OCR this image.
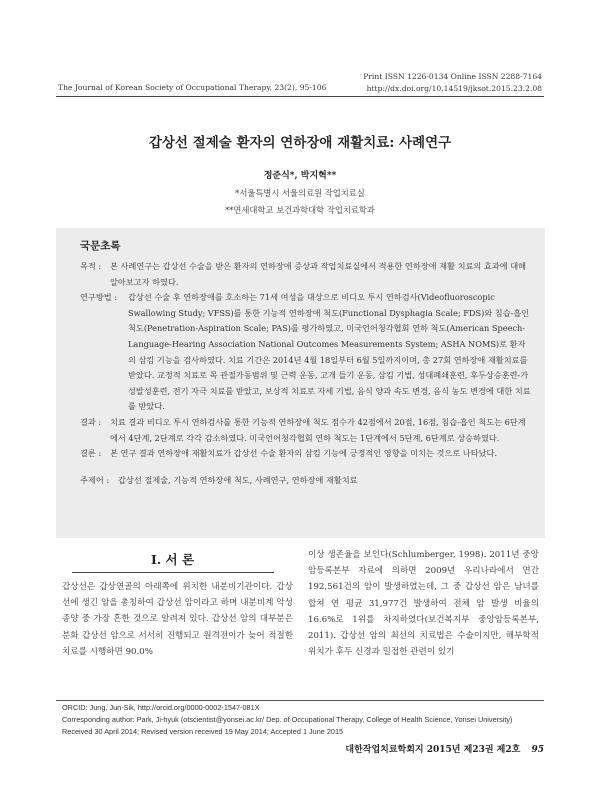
Print ISSN 1226-0134 Online ISSN 2288-7164
http://dx.doi.org/10.14519/jksot.2015.23.2.08
The Journal of Korean Society of Occupational Therapy, 23(2), 95-106
갑상선 절제술 환자의 연하장애 재활치료: 사례연구
정준식*, 박지혁**
*서울특별시 서울의료원 작업치료실
**연세대학교 보건과학대학 작업치료학과
국문초록

목적 : 본 사례연구는 갑상선 수술을 받은 환자의 연하장애 증상과 작업치료실에서 적용한 연하장애 재활 치료의 효과에 대해 알아보고자 하였다.

연구방법 : 갑상선 수술 후 연하장애를 호소하는 71세 여성을 대상으로 비디오 투시 연하검사(Videofluoroscopic Swallowing Study; VFSS)를 통한 기능적 연하장애 척도(Functional Dysphagia Scale; FDS)와 침습-흡인 척도(Penetration-Aspiration Scale; PAS)를 평가하였고, 미국언어청각협회 연하 척도(American Speech-Language-Hearing Association National Outcomes Measurements System; ASHA NOMS)로 환자의 삼킴 기능을 검사하였다. 치료 기간은 2014년 4월 18일부터 6월 5일까지이며, 총 27회 연하장애 재활치료를 받았다. 교정적 치료로 목 관절가동범위 및 근력 운동, 고개 들기 운동, 삼킴 기법, 성대폐쇄훈련, 후두상승훈련-가성발성훈련, 전기 자극 치료를 받았고, 보상적 치료로 자세 기법, 음식 양과 속도 변경, 음식 농도 변경에 대한 치료를 받았다.

결과 : 치료 결과 비디오 투시 연하검사를 통한 기능적 연하장애 척도 점수가 42점에서 20점, 16점, 침습-흡인 척도는 6단계에서 4단계, 2단계로 각각 감소하였다. 미국언어청각협회 연하 척도는 1단계에서 5단계, 6단계로 상승하였다.

결론 : 본 연구 결과 연하장애 재활치료가 갑상선 수술 환자의 삼킴 기능에 긍정적인 영향을 미치는 것으로 나타났다.

주제어 : 갑상선 절제술, 기능적 연하장애 척도, 사례연구, 연하장애 재활치료

Ⅰ. 서 론
갑상선은 갑상연골의 아래쪽에 위치한 내분비기관이다. 갑상선에 생긴 암을 총칭하여 갑상선 암이라고 하며 내분비계 악성 종양 중 가장 흔한 것으로 알려져 있다. 갑상선 암의 대부분은 분화 갑상선 암으로 서서히 진행되고 원격전이가 늦어 적절한 치료를 시행하면 90.0%
이상 생존율을 보인다(Schlumberger, 1998). 2011년 중앙암등록본부 자료에 의하면 2009년 우리나라에서 연간 192,561건의 암이 발생하였는데, 그 중 갑상선 암은 남녀를 합쳐 연 평균 31,977건 발생하여 전체 암 발생 비율의 16.6%로 1위를 차지하였다(보건복지부 중앙암등록본부, 2011). 갑상선 암의 최선의 치료법은 수술이지만, 해부학적 위치가 후두 신경과 밀접한 관련이 있기
ORCID: Jung, Jun-Sik, http://orcid.org/0000-0002-1547-081X
Corresponding author: Park, Ji-hyuk (otscientist@yonsei.ac.kr/ Dep. of Occupational Therapy, College of Health Science, Yonsei University)
Received 30 April 2014; Revised version received 19 May 2014; Accepted 1 June 2015
대한작업치료학회지 2015년 제23권 제2호 95
